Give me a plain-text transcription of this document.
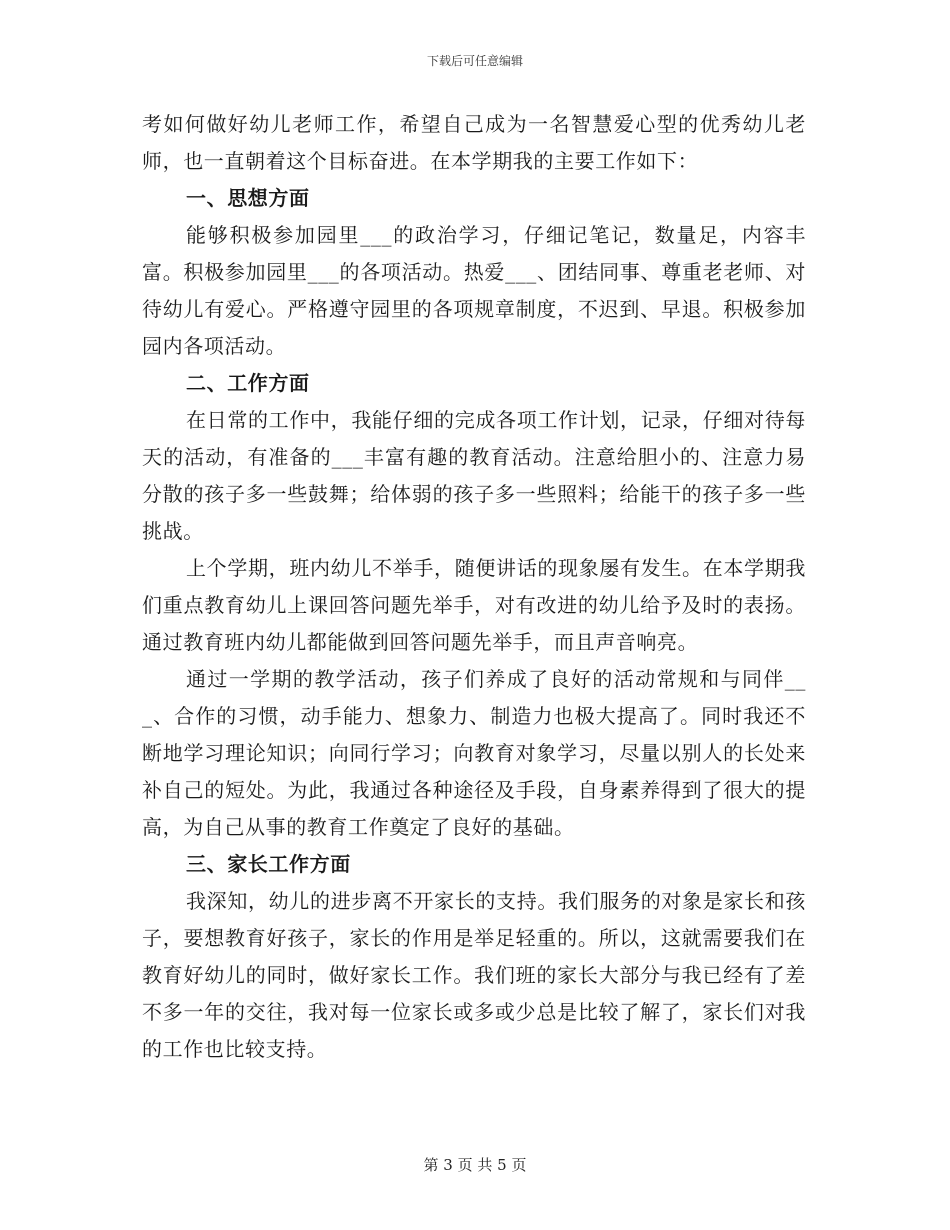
下载后可任意编辑

考如何做好幼儿老师工作，希望自己成为一名智慧爱心型的优秀幼儿老师，也一直朝着这个目标奋进。在本学期我的主要工作如下：

一、思想方面

能够积极参加园里___的政治学习，仔细记笔记，数量足，内容丰富。积极参加园里___的各项活动。热爱___、团结同事、尊重老老师、对待幼儿有爱心。严格遵守园里的各项规章制度，不迟到、早退。积极参加园内各项活动。

二、工作方面

在日常的工作中，我能仔细的完成各项工作计划，记录，仔细对待每天的活动，有准备的___丰富有趣的教育活动。注意给胆小的、注意力易分散的孩子多一些鼓舞；给体弱的孩子多一些照料；给能干的孩子多一些挑战。

上个学期，班内幼儿不举手，随便讲话的现象屡有发生。在本学期我们重点教育幼儿上课回答问题先举手，对有改进的幼儿给予及时的表扬。通过教育班内幼儿都能做到回答问题先举手，而且声音响亮。

通过一学期的教学活动，孩子们养成了良好的活动常规和与同伴___、合作的习惯，动手能力、想象力、制造力也极大提高了。同时我还不断地学习理论知识；向同行学习；向教育对象学习，尽量以别人的长处来补自己的短处。为此，我通过各种途径及手段，自身素养得到了很大的提高，为自己从事的教育工作奠定了良好的基础。

三、家长工作方面

我深知，幼儿的进步离不开家长的支持。我们服务的对象是家长和孩子，要想教育好孩子，家长的作用是举足轻重的。所以，这就需要我们在教育好幼儿的同时，做好家长工作。我们班的家长大部分与我已经有了差不多一年的交往，我对每一位家长或多或少总是比较了解了，家长们对我的工作也比较支持。

第 3 页 共 5 页
